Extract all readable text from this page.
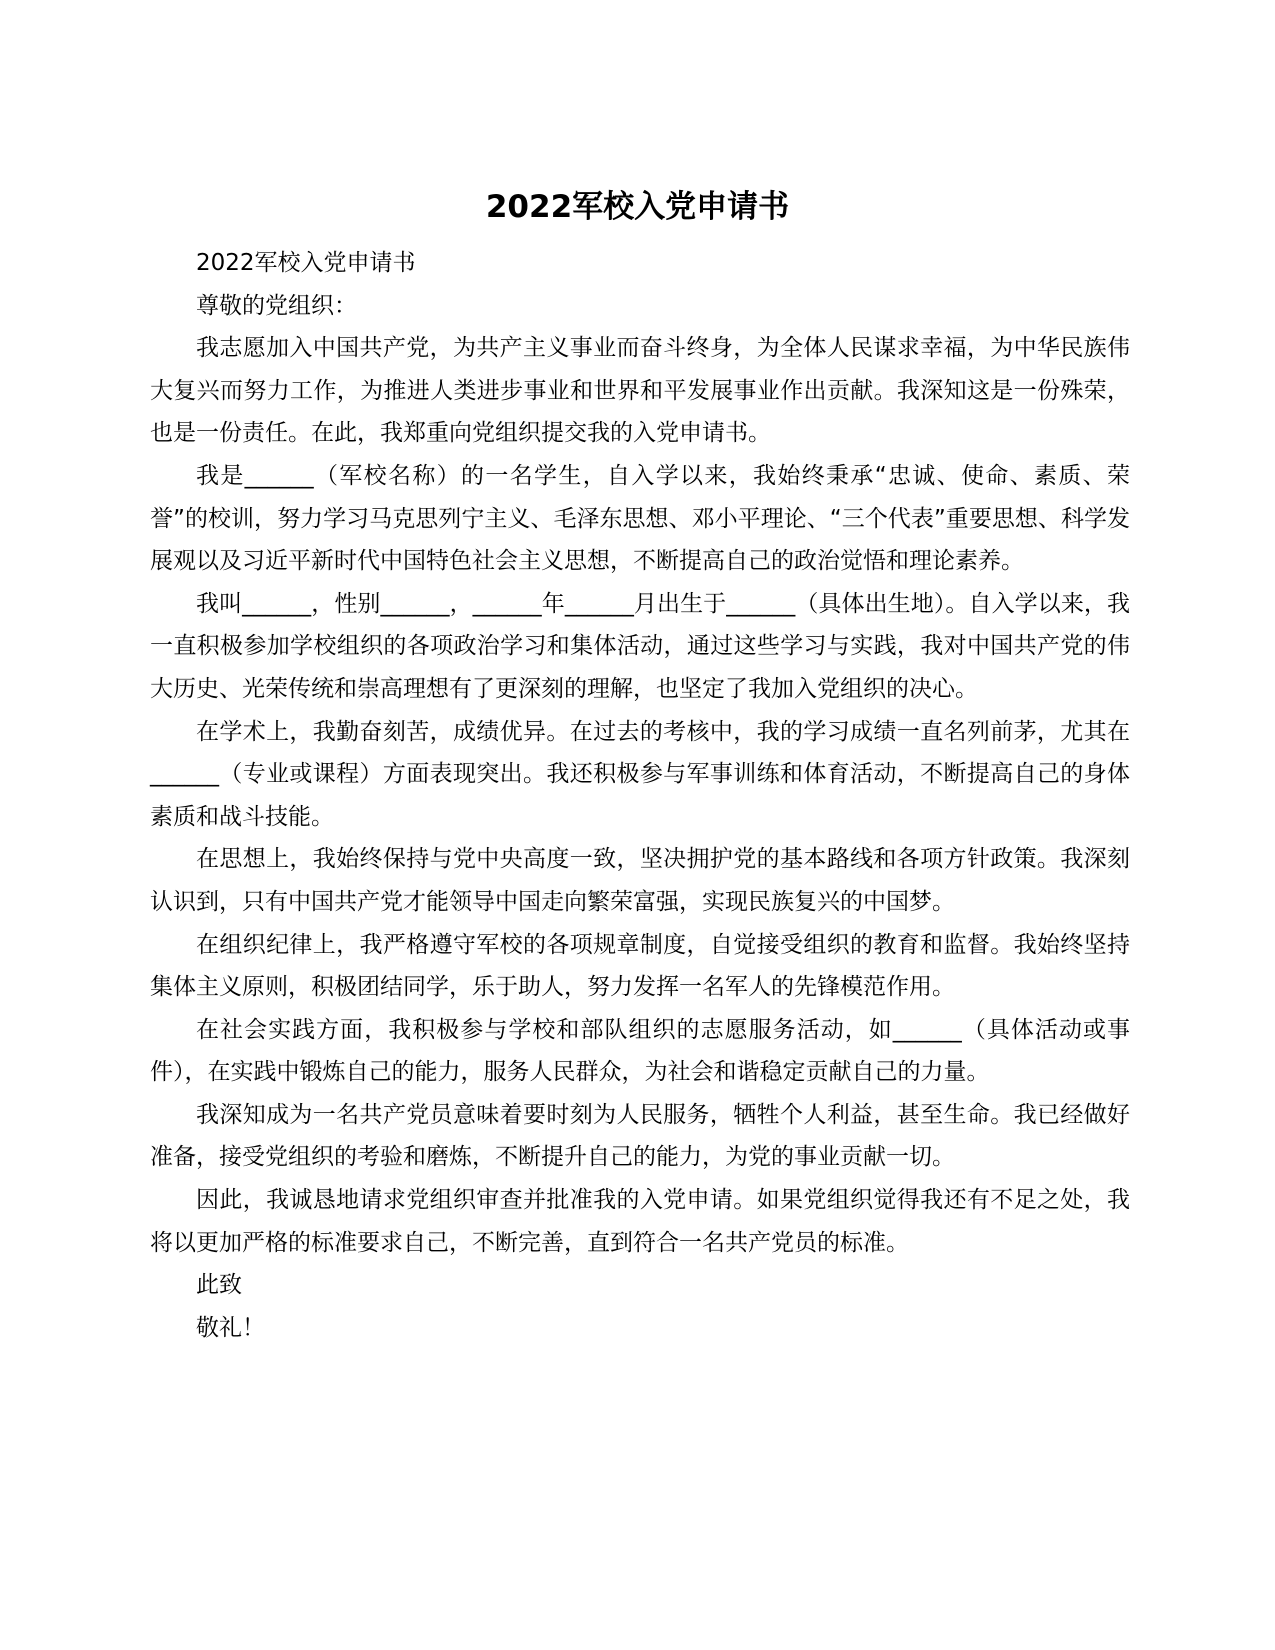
2022军校入党申请书

2022军校入党申请书

尊敬的党组织：

我志愿加入中国共产党，为共产主义事业而奋斗终身，为全体人民谋求幸福，为中华民族伟大复兴而努力工作，为推进人类进步事业和世界和平发展事业作出贡献。我深知这是一份殊荣，也是一份责任。在此，我郑重向党组织提交我的入党申请书。

我是______（军校名称）的一名学生，自入学以来，我始终秉承“忠诚、使命、素质、荣誉”的校训，努力学习马克思列宁主义、毛泽东思想、邓小平理论、“三个代表”重要思想、科学发展观以及习近平新时代中国特色社会主义思想，不断提高自己的政治觉悟和理论素养。

我叫______，性别______，______年______月出生于______（具体出生地）。自入学以来，我一直积极参加学校组织的各项政治学习和集体活动，通过这些学习与实践，我对中国共产党的伟大历史、光荣传统和崇高理想有了更深刻的理解，也坚定了我加入党组织的决心。

在学术上，我勤奋刻苦，成绩优异。在过去的考核中，我的学习成绩一直名列前茅，尤其在______（专业或课程）方面表现突出。我还积极参与军事训练和体育活动，不断提高自己的身体素质和战斗技能。

在思想上，我始终保持与党中央高度一致，坚决拥护党的基本路线和各项方针政策。我深刻认识到，只有中国共产党才能领导中国走向繁荣富强，实现民族复兴的中国梦。

在组织纪律上，我严格遵守军校的各项规章制度，自觉接受组织的教育和监督。我始终坚持集体主义原则，积极团结同学，乐于助人，努力发挥一名军人的先锋模范作用。

在社会实践方面，我积极参与学校和部队组织的志愿服务活动，如______（具体活动或事件），在实践中锻炼自己的能力，服务人民群众，为社会和谐稳定贡献自己的力量。

我深知成为一名共产党员意味着要时刻为人民服务，牺牲个人利益，甚至生命。我已经做好准备，接受党组织的考验和磨炼，不断提升自己的能力，为党的事业贡献一切。

因此，我诚恳地请求党组织审查并批准我的入党申请。如果党组织觉得我还有不足之处，我将以更加严格的标准要求自己，不断完善，直到符合一名共产党员的标准。

此致

敬礼！
